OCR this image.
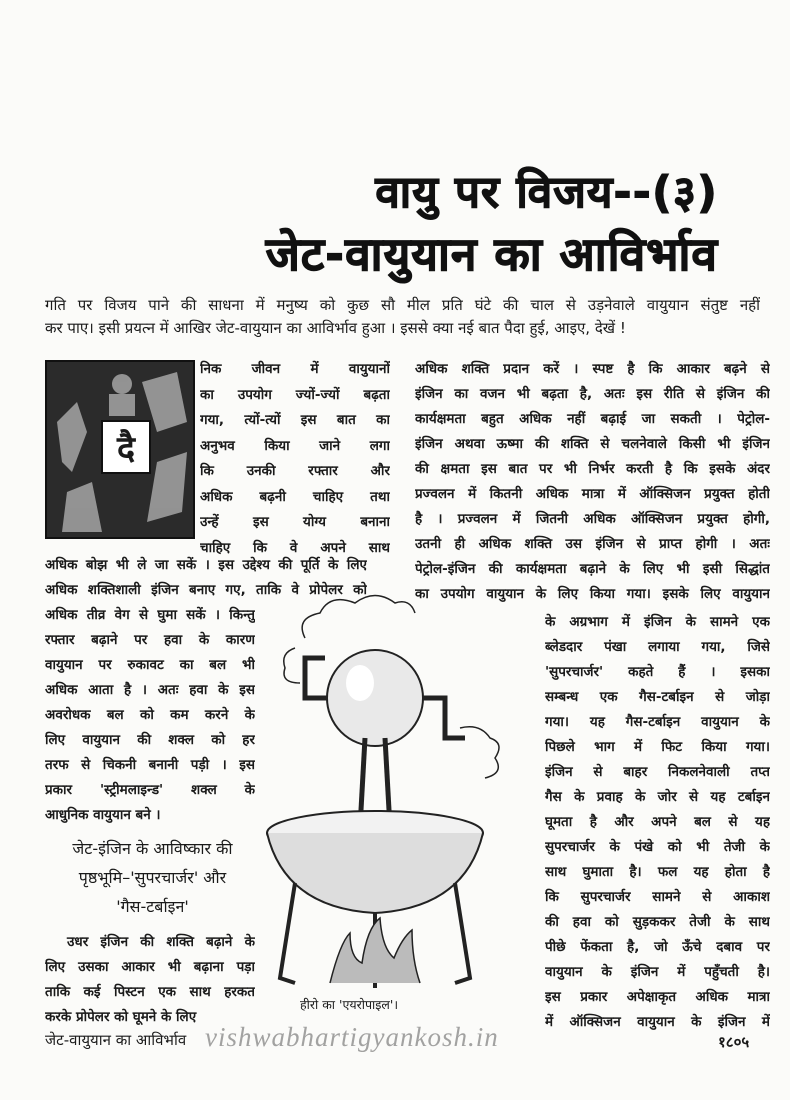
वायु पर विजय--(३)
जेट-वायुयान का आविर्भाव
गति पर विजय पाने की साधना में मनुष्य को कुछ सौ मील प्रति घंटे की चाल से उड़नेवाले वायुयान संतुष्ट नहीं
कर पाए। इसी प्रयत्न में आखिर जेट-वायुयान का आविर्भाव हुआ । इससे क्या नई बात पैदा हुई, आइए, देखें !
दै
निक जीवन में वायुयानों
का उपयोग ज्यों-ज्यों बढ़ता
गया, त्यों-त्यों इस बात का
अनुभव किया जाने लगा
कि उनकी रफ्तार और
अधिक बढ़नी चाहिए तथा
उन्हें इस योग्य बनाना
चाहिए कि वे अपने साथ
अधिक बोझ भी ले जा सकें । इस उद्देश्य की पूर्ति के लिए
अधिक शक्तिशाली इंजिन बनाए गए, ताकि वे प्रोपेलर को
अधिक तीव्र वेग से घुमा सकें । किन्तु
रफ्तार बढ़ाने पर हवा के कारण
वायुयान पर रुकावट का बल भी
अधिक आता है । अतः हवा के इस
अवरोधक बल को कम करने के
लिए वायुयान की शक्ल को हर
तरफ से चिकनी बनानी पड़ी । इस
प्रकार 'स्ट्रीमलाइन्ड' शक्ल के
आधुनिक वायुयान बने ।
जेट-इंजिन के आविष्कार की
पृष्ठभूमि–'सुपरचार्जर' और
'गैस-टर्बाइन'
उधर इंजिन की शक्ति बढ़ाने के
लिए उसका आकार भी बढ़ाना पड़ा
ताकि कई पिस्टन एक साथ हरकत
करके प्रोपेलर को घूमने के लिए
अधिक शक्ति प्रदान करें । स्पष्ट है कि आकार बढ़ने से
इंजिन का वजन भी बढ़ता है, अतः इस रीति से इंजिन की
कार्यक्षमता बहुत अधिक नहीं बढ़ाई जा सकती । पेट्रोल-
इंजिन अथवा ऊष्मा की शक्ति से चलनेवाले किसी भी इंजिन
की क्षमता इस बात पर भी निर्भर करती है कि इसके अंदर
प्रज्वलन में कितनी अधिक मात्रा में ऑक्सिजन प्रयुक्त होती
है । प्रज्वलन में जितनी अधिक ऑक्सिजन प्रयुक्त होगी,
उतनी ही अधिक शक्ति उस इंजिन से प्राप्त होगी । अतः
पेट्रोल-इंजिन की कार्यक्षमता बढ़ाने के लिए भी इसी सिद्धांत
का उपयोग वायुयान के लिए किया गया। इसके लिए वायुयान
के अग्रभाग में इंजिन के सामने एक
ब्लेडदार पंखा लगाया गया, जिसे
'सुपरचार्जर' कहते हैं । इसका
सम्बन्ध एक गैस-टर्बाइन से जोड़ा
गया। यह गैस-टर्बाइन वायुयान के
पिछले भाग में फिट किया गया।
इंजिन से बाहर निकलनेवाली तप्त
गैस के प्रवाह के जोर से यह टर्बाइन
घूमता है और अपने बल से यह
सुपरचार्जर के पंखे को भी तेजी के
साथ घुमाता है। फल यह होता है
कि सुपरचार्जर सामने से आकाश
की हवा को सुड़ककर तेजी के साथ
पीछे फेंकता है, जो ऊँचे दबाव पर
वायुयान के इंजिन में पहुँचती है।
इस प्रकार अपेक्षाकृत अधिक मात्रा
में ऑक्सिजन वायुयान के इंजिन में
हीरो का 'एयरोपाइल'।
जेट-वायुयान का आविर्भाव vishwabhartigyankosh.in	१८०५
